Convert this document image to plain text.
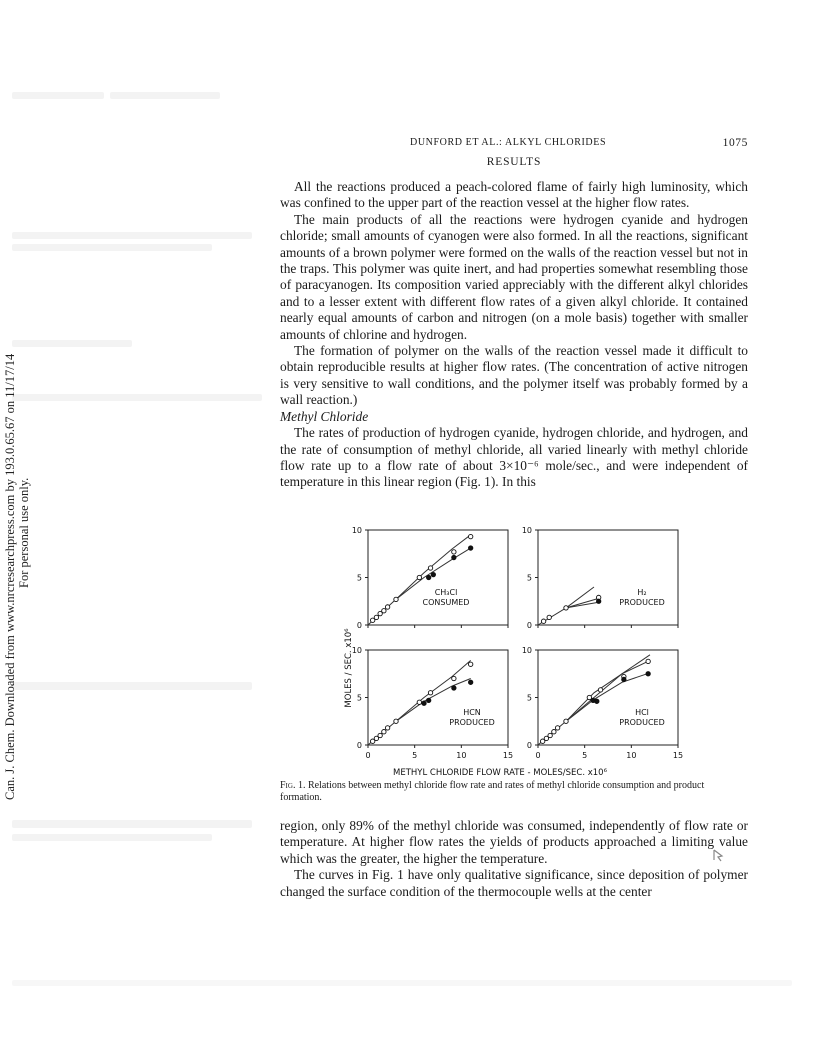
Can. J. Chem. Downloaded from www.nrcresearchpress.com by 193.0.65.67 on 11/17/14 For personal use only.
DUNFORD ET AL.: ALKYL CHLORIDES	1075
RESULTS

All the reactions produced a peach-colored flame of fairly high luminosity, which was confined to the upper part of the reaction vessel at the higher flow rates.

The main products of all the reactions were hydrogen cyanide and hydrogen chloride; small amounts of cyanogen were also formed. In all the reactions, significant amounts of a brown polymer were formed on the walls of the reaction vessel but not in the traps. This polymer was quite inert, and had properties somewhat resembling those of paracyanogen. Its composition varied appreciably with the different alkyl chlorides and to a lesser extent with different flow rates of a given alkyl chloride. It contained nearly equal amounts of carbon and nitrogen (on a mole basis) together with smaller amounts of chlorine and hydrogen.

The formation of polymer on the walls of the reaction vessel made it difficult to obtain reproducible results at higher flow rates. (The concentration of active nitrogen is very sensitive to wall conditions, and the polymer itself was probably formed by a wall reaction.)

Methyl Chloride

The rates of production of hydrogen cyanide, hydrogen chloride, and hydrogen, and the rate of consumption of methyl chloride, all varied linearly with methyl chloride flow rate up to a flow rate of about 3×10⁻⁶ mole/sec., and were independent of temperature in this linear region (Fig. 1). In this

0
5
10
CH₃Cl
CONSUMED
0
5
10
H₂
PRODUCED
0
5
10
0	5	10	15
HCN
PRODUCED
0
5
10
0	5	10	15
HCl
PRODUCED
MOLES / SEC. x10⁶
METHYL CHLORIDE FLOW RATE - MOLES/SEC. x10⁶
Fig. 1. Relations between methyl chloride flow rate and rates of methyl chloride consumption and product formation.

region, only 89% of the methyl chloride was consumed, independently of flow rate or temperature. At higher flow rates the yields of products approached a limiting value which was the greater, the higher the temperature.

The curves in Fig. 1 have only qualitative significance, since deposition of polymer changed the surface condition of the thermocouple wells at the center
